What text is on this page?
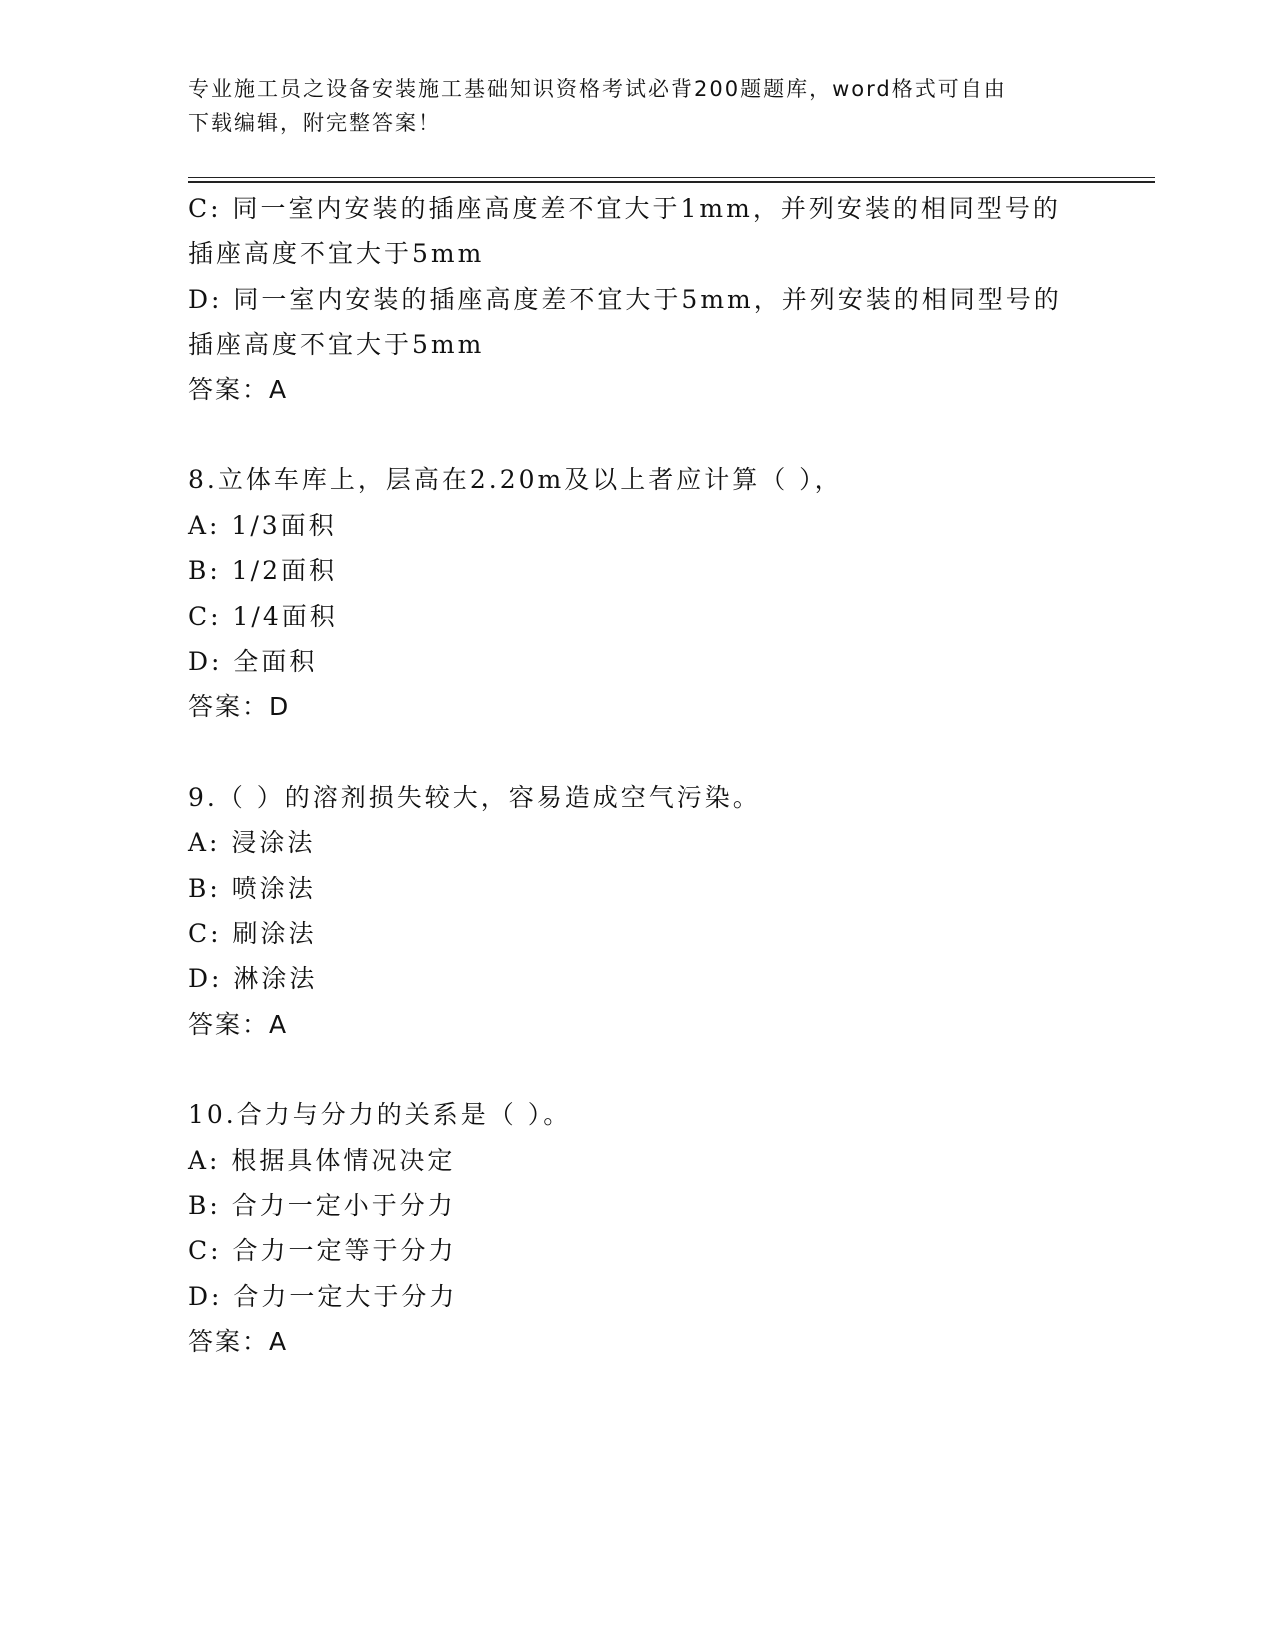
专业施工员之设备安装施工基础知识资格考试必背200题题库，word格式可自由
下载编辑，附完整答案！
C: 同一室内安装的插座高度差不宜大于1mm，并列安装的相同型号的
插座高度不宜大于5mm
D: 同一室内安装的插座高度差不宜大于5mm，并列安装的相同型号的
插座高度不宜大于5mm
答案：A
8.立体车库上，层高在2.20m及以上者应计算（ ），
A: 1/3面积
B: 1/2面积
C: 1/4面积
D: 全面积
答案：D
9.（ ）的溶剂损失较大，容易造成空气污染。
A: 浸涂法
B: 喷涂法
C: 刷涂法
D: 淋涂法
答案：A
10.合力与分力的关系是（ ）。
A: 根据具体情况决定
B: 合力一定小于分力
C: 合力一定等于分力
D: 合力一定大于分力
答案：A
